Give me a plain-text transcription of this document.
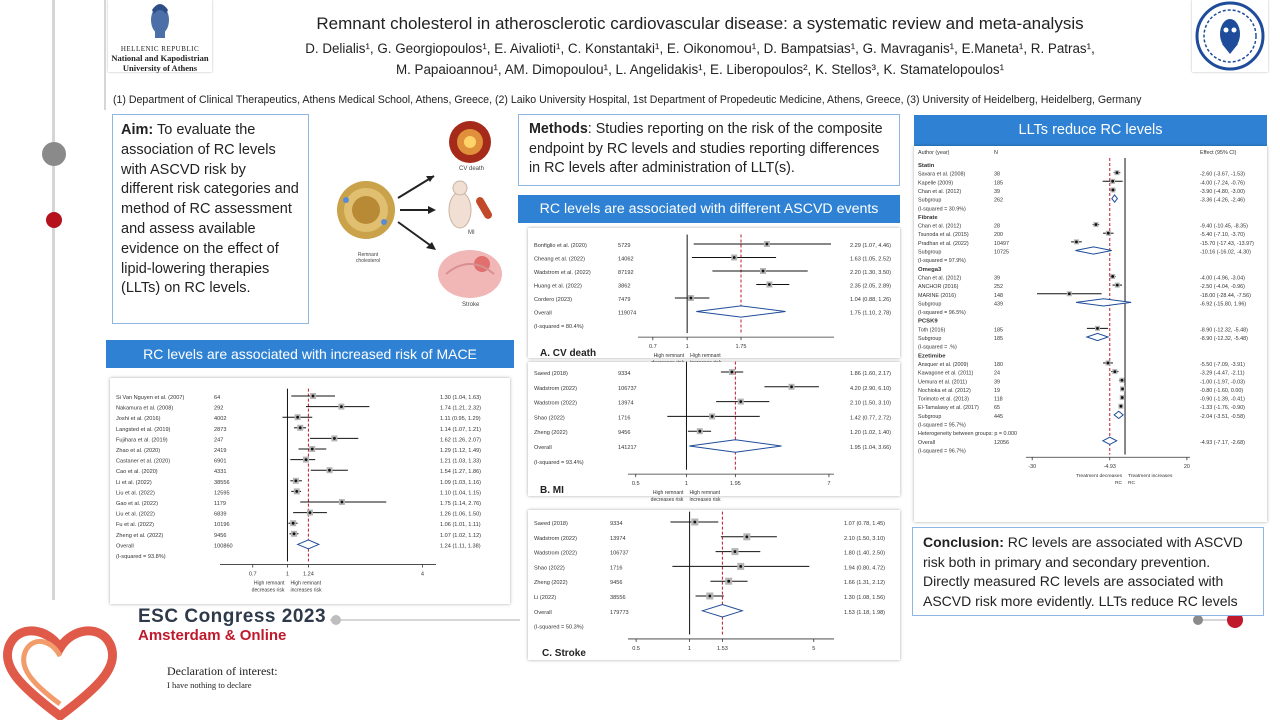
HELLENIC REPUBLIC
National and Kapodistrian
University of Athens
Remnant cholesterol in atherosclerotic cardiovascular disease: a systematic review and meta-analysis
D. Delialis¹, G. Georgiopoulos¹, E. Aivalioti¹, C. Konstantaki¹, E. Oikonomou¹, D. Bampatsias¹, G. Mavraganis¹, E.Maneta¹, R. Patras¹,
M. Papaioannou¹, AM. Dimopoulou¹, L. Angelidakis¹, E. Liberopoulos², K. Stellos³, K. Stamatelopoulos¹
(1) Department of Clinical Therapeutics, Athens Medical School, Athens, Greece, (2) Laiko University Hospital, 1st Department of Propedeutic Medicine, Athens, Greece, (3) University of Heidelberg, Heidelberg, Germany
Aim: To evaluate the association of RC levels with ASCVD risk by different risk categories and method of RC assessment and assess available evidence on the effect of lipid-lowering therapies (LLTs) on RC levels.
CV death
MI
Stroke
Remnant cholesterol
RC levels are associated with increased risk of MACE
0.7	1 1.24	4
High remnant
decreases risk
High remnant
increases risk
Si Van Nguyen et al. (2007)	64	1.30 (1.04, 1.63)
Nakamura et al. (2008)	292	1.74 (1.21, 2.32)
Joshi et al. (2016)	4002	1.11 (0.95, 1.29)
Langsted et al. (2019)	2873	1.14 (1.07, 1.21)
Fujihara et al. (2019)	247	1.62 (1.26, 2.07)
Zhao et al. (2020)	2419	1.29 (1.12, 1.49)
Castaner et al. (2020)	6901	1.21 (1.03, 1.33)
Cao et al. (2020)	4331	1.54 (1.27, 1.86)
Li et al. (2022)	38556	1.09 (1.03, 1.16)
Liu et al. (2022)	12595	1.10 (1.04, 1.15)
Gao et al. (2022)	1179	1.75 (1.14, 2.76)
Liu et al. (2022)	6839	1.26 (1.06, 1.50)
Fu et al. (2022)	10196	1.06 (1.01, 1.11)
Zheng et al. (2022)	9456	1.07 (1.02, 1.12)
Overall	100860	1.24 (1.11, 1.38)
(I-squared = 93.8%)
Methods: Studies reporting on the risk of the composite endpoint by RC levels and studies reporting differences in RC levels after administration of LLT(s).
RC levels are associated with different ASCVD events
0.7	1	1.75
High remnant High remnant
Bonfiglio et al. (2020)	5729	2.29 (1.07, 4.46)
Cheang et al. (2022)	14062	1.63 (1.05, 2.52)
Wadstrom et al. (2022)	87192	2.20 (1.30, 3.50)
Huang et al. (2022)	3862	2.35 (2.05, 2.89)
Cordero (2023)	7479	1.04 (0.88, 1.26)
Overall	119074	1.75 (1.10, 2.78)
(I-squared = 80.4%)
A. CV death
0.5	1	1.95	7
High remnant
decreases risk
High remnant
increases risk
Saeed (2018)	9334	1.86 (1.60, 2.17)
Wadstrom (2022)	106737	4.20 (2.90, 6.10)
Wadstrom (2022)	13974	2.10 (1.50, 3.10)
Shao (2022)	1716	1.42 (0.77, 2.72)
Zheng (2022)	9456	1.20 (1.02, 1.40)
Overall	141217	1.95 (1.04, 3.66)
(I-squared = 93.4%)
B. MI
0.5	1	1.53	5
Saeed (2018)	9334	1.07 (0.78, 1.45)
Wadstrom (2022)	13974	2.10 (1.50, 3.10)
Wadstrom (2022)	106737	1.80 (1.40, 2.50)
Shao (2022)	1716	1.94 (0.80, 4.72)
Zheng (2022)	9456	1.66 (1.31, 2.12)
Li (2022)	38556	1.30 (1.08, 1.56)
Overall	179773	1.53 (1.18, 1.98)
(I-squared = 50.3%)
C. Stroke
LLTs reduce RC levels
Author (year)	N	Effect (95% CI)
-30	-4.93	20
Treatment decreases
RC
Treatment increases
RC
Statin
Savara et al. (2008)	38	-2.60 (-3.67, -1.53)
Kapelle (2009)	185	-4.00 (-7.24, -0.76)
Chan et al. (2012)	39	-3.90 (-4.80, -3.00)
Subgroup	262	-3.36 (-4.26, -2.46)
(I-squared = 30.9%)
Fibrate
Chan et al. (2012)	28	-9.40 (-10.45, -8.35)
Tsunoda et al. (2015)	200	-5.40 (-7.10, -3.70)
Pradhan et al. (2022)	10497	-15.70 (-17.43, -13.97)
Subgroup	10725	-10.16 (-16.02, -4.30)
(I-squared = 97.9%)
Omega3
Chan et al. (2012)	39	-4.00 (-4.96, -3.04)
ANCHOR (2016)	252	-2.50 (-4.04, -0.96)
MARINE (2016)	148	-18.00 (-28.44, -7.56)
Subgroup	439	-6.92 (-15.80, 1.96)
(I-squared = 96.5%)
PCSK9
Toth (2016)	185	-8.90 (-12.32, -5.48)
Subgroup	185	-8.90 (-12.32, -5.48)
(I-squared = .%)
Ezetimibe
Ansquer et al. (2009)	180	-5.50 (-7.09, -3.91)
Kawagone et al. (2011)	24	-3.29 (-4.47, -2.11)
Uemura et al. (2011)	39	-1.00 (-1.97, -0.03)
Nochioka et al. (2012)	19	-0.80 (-1.60, 0.00)
Torimoto et al. (2013)	118	-0.90 (-1.39, -0.41)
El-Tamalawy et al. (2017)	65	-1.33 (-1.76, -0.90)
Subgroup	445	-2.04 (-3.51, -0.58)
(I-squared = 95.7%)
Heterogeneity between groups: p = 0.000
Overall	12056	-4.93 (-7.17, -2.68)
(I-squared = 96.7%)
Conclusion: RC levels are associated with ASCVD risk both in primary and secondary prevention. Directly measured RC levels are associated with ASCVD risk more evidently. LLTs reduce RC levels
ESC Congress 2023
Amsterdam & Online
Declaration of interest:
I have nothing to declare
